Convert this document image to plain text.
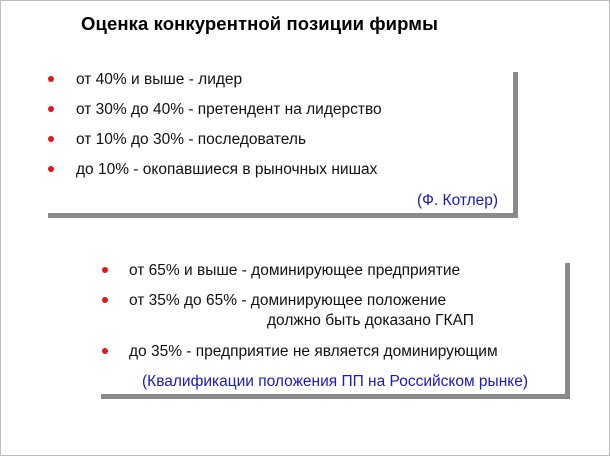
Оценка конкурентной позиции фирмы
от 40% и выше - лидер
от 30% до 40% - претендент на лидерство
от 10% до 30% - последователь
до 10% - окопавшиеся в рыночных нишах
(Ф. Котлер)
от 65% и выше - доминирующее предприятие
от 35% до 65% - доминирующее положение
должно быть доказано ГКАП
до 35% - предприятие не является доминирующим
(Квалификации положения ПП на Российском рынке)
